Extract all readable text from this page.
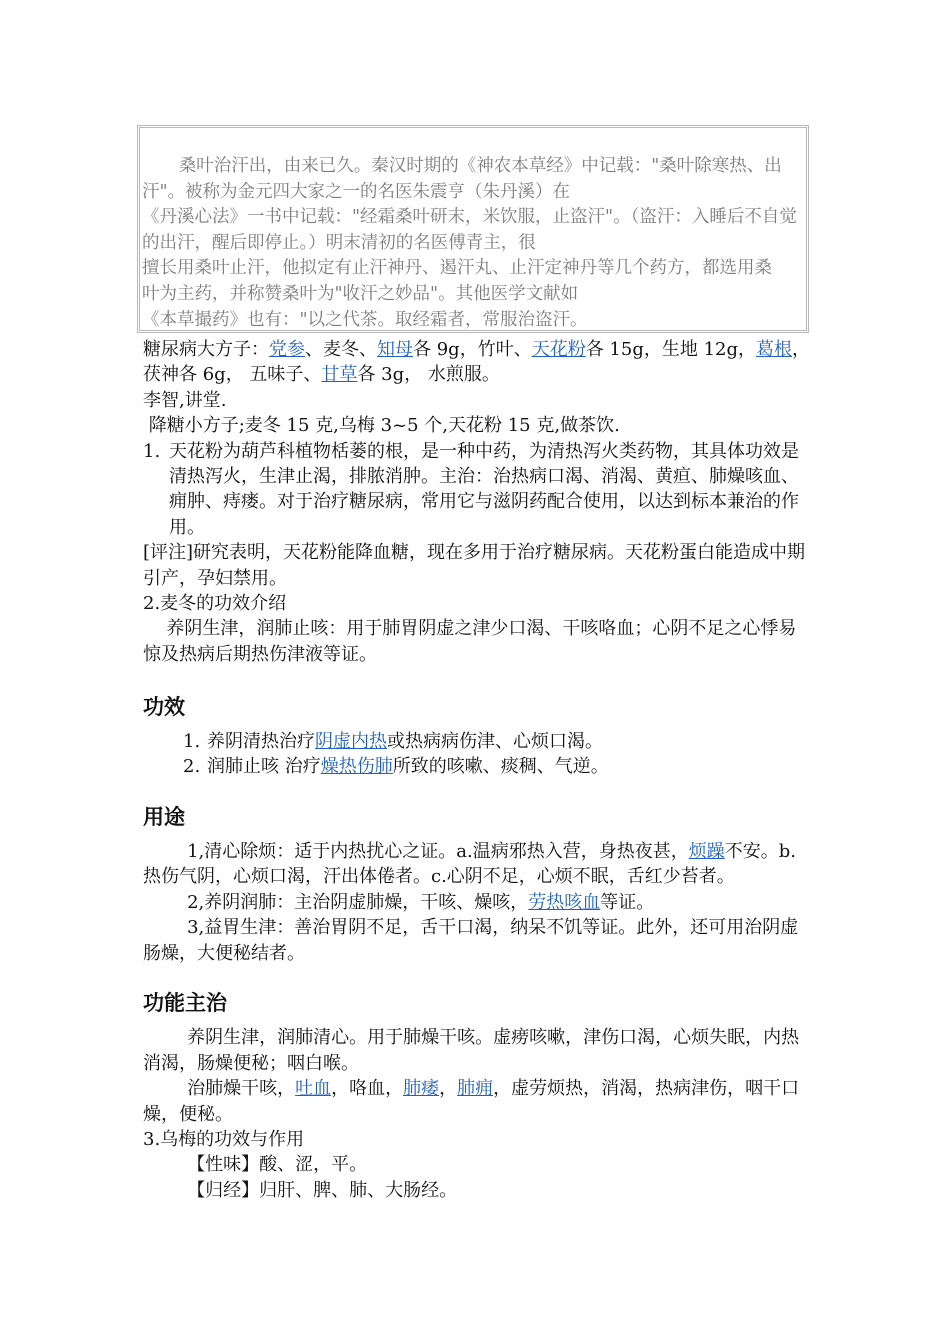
桑叶治汗出，由来已久。秦汉时期的《神农本草经》中记载："桑叶除寒热、出

汗"。被称为金元四大家之一的名医朱震亨（朱丹溪）在

《丹溪心法》一书中记载："经霜桑叶研末，米饮服，止盗汗"。（盗汗：入睡后不自觉

的出汗，醒后即停止。）明末清初的名医傅青主，很

擅长用桑叶止汗，他拟定有止汗神丹、遏汗丸、止汗定神丹等几个药方，都选用桑

叶为主药，并称赞桑叶为"收汗之妙品"。其他医学文献如

《本草撮药》也有："以之代茶。取经霜者，常服治盗汗。

糖尿病大方子：党参、麦冬、知母各 9g，竹叶、天花粉各 15g，生地 12g，葛根，茯神各 6g， 五味子、甘草各 3g， 水煎服。

李智,讲堂.

降糖小方子;麦冬 15 克,乌梅 3~5 个,天花粉 15 克,做茶饮.

1. 天花粉为葫芦科植物栝蒌的根，是一种中药，为清热泻火类药物，其具体功效是清热泻火，生津止渴，排脓消肿。主治：治热病口渴、消渴、黄疸、肺燥咳血、痈肿、痔瘘。对于治疗糖尿病，常用它与滋阴药配合使用，以达到标本兼治的作用。

[评注]研究表明，天花粉能降血糖，现在多用于治疗糖尿病。天花粉蛋白能造成中期引产，孕妇禁用。

2.麦冬的功效介绍

养阴生津，润肺止咳：用于肺胃阴虚之津少口渴、干咳咯血；心阴不足之心悸易惊及热病后期热伤津液等证。

功效
1. 养阴清热治疗阴虚内热或热病病伤津、心烦口渴。
2. 润肺止咳 治疗燥热伤肺所致的咳嗽、痰稠、气逆。
用途

1,清心除烦：适于内热扰心之证。a.温病邪热入营，身热夜甚，烦躁不安。b.热伤气阴，心烦口渴，汗出体倦者。c.心阴不足，心烦不眠，舌红少苔者。

2,养阴润肺：主治阴虚肺燥，干咳、燥咳，劳热咳血等证。

3,益胃生津：善治胃阴不足，舌干口渴，纳呆不饥等证。此外，还可用治阴虚肠燥，大便秘结者。

功能主治

养阴生津，润肺清心。用于肺燥干咳。虚痨咳嗽，津伤口渴，心烦失眠，内热消渴，肠燥便秘；咽白喉。

治肺燥干咳，吐血，咯血，肺痿，肺痈，虚劳烦热，消渴，热病津伤，咽干口燥，便秘。

3.乌梅的功效与作用

【性味】酸、涩，平。

【归经】归肝、脾、肺、大肠经。
